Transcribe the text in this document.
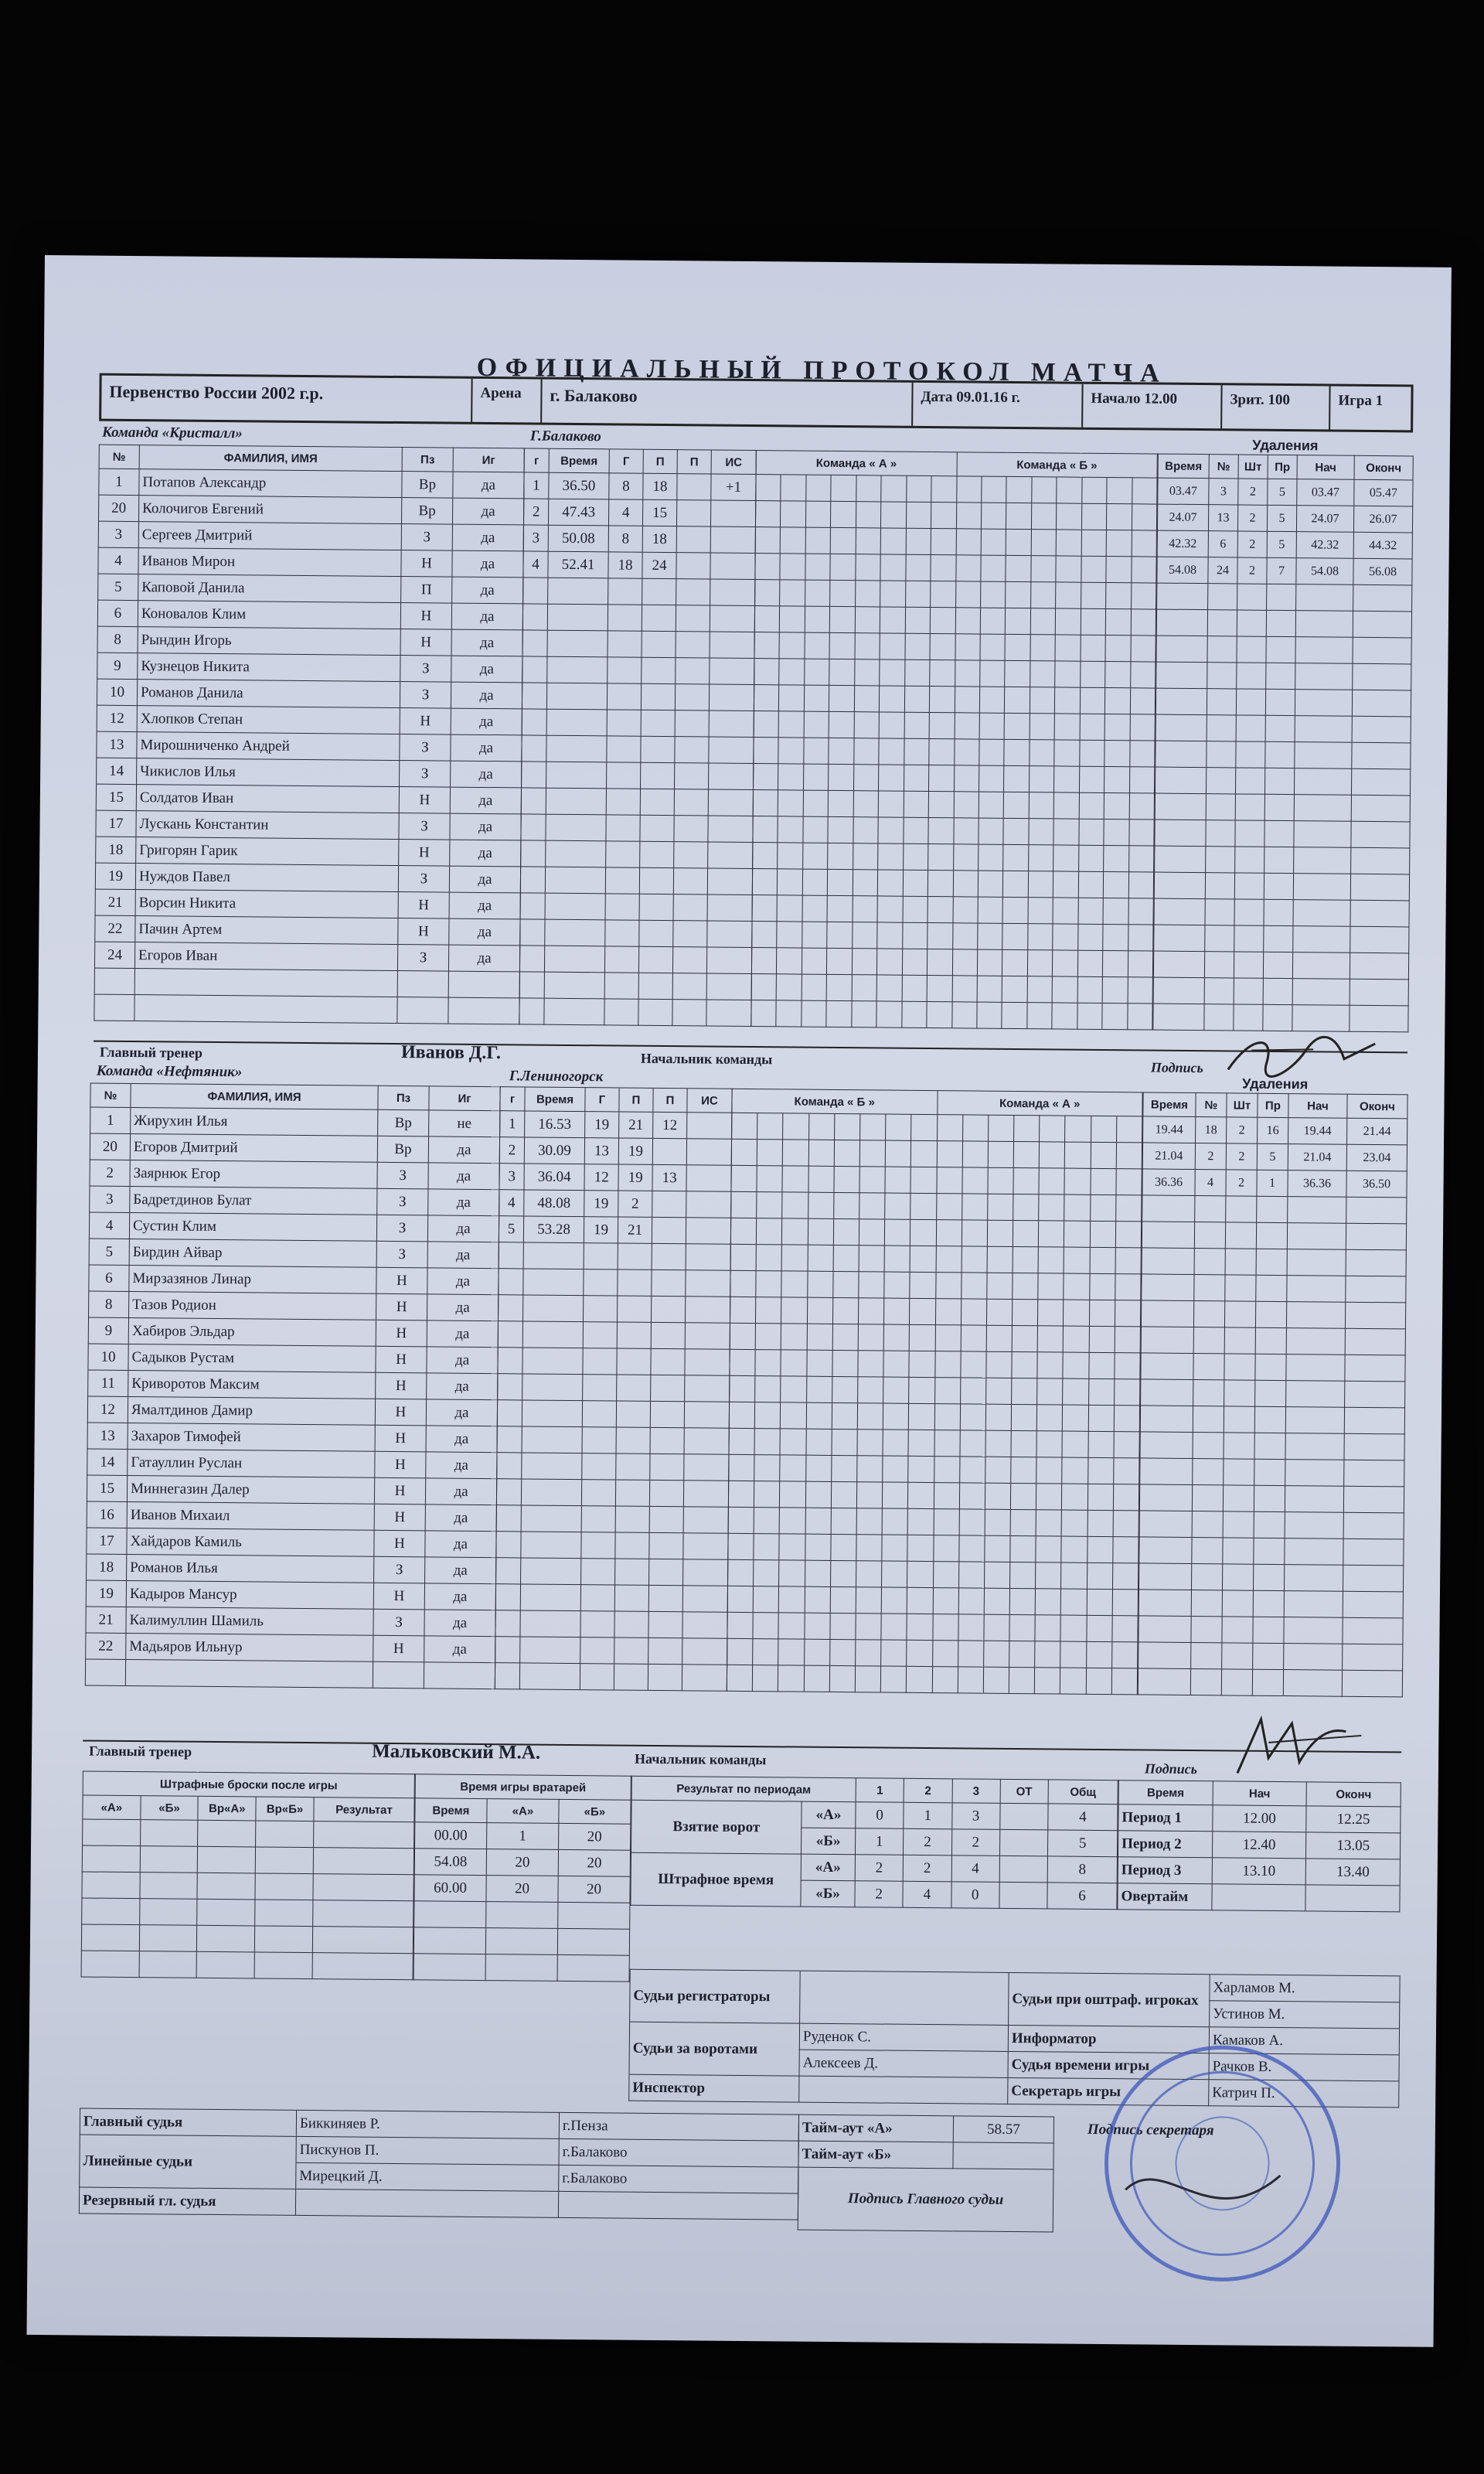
ОФИЦИАЛЬНЫЙ ПРОТОКОЛ МАТЧА
Первенство России 2002 г.р.	Арена	г. Балаково	Дата 09.01.16 г.	Начало 12.00	Зрит. 100	Игра 1
Команда «Кристалл»	Г.Балаково
№	ФАМИЛИЯ, ИМЯ	Пз	Иг
1	Потапов Александр	Вр	да
20	Колочигов Евгений	Вр	да
3	Сергеев Дмитрий	З	да
4	Иванов Мирон	Н	да
5	Каповой Данила	П	да
6	Коновалов Клим	Н	да
8	Рындин Игорь	Н	да
9	Кузнецов Никита	З	да
10	Романов Данила	З	да
12	Хлопков Степан	Н	да
13	Мирошниченко Андрей	З	да
14	Чикислов Илья	З	да
15	Солдатов Иван	Н	да
17	Лускань Константин	З	да
18	Григорян Гарик	Н	да
19	Нуждов Павел	З	да
21	Ворсин Никита	Н	да
22	Пачин Артем	Н	да
24	Егоров Иван	З	да

г	Время	Г	П	П	ИС
1	36.50	8	18		+1
2	47.43	4	15		
3	50.08	8	18		
4	52.41	18	24		

Команда « А »								Команда « Б »							

Удаления
Время	№	Шт	Пр	Нач	Оконч
03.47	3	2	5	03.47	05.47
24.07	13	2	5	24.07	26.07
42.32	6	2	5	42.32	44.32
54.08	24	2	7	54.08	56.08

Главный тренер	Иванов Д.Г.	Начальник команды
Подпись
Команда «Нефтяник»	Г.Лениногорск
№	ФАМИЛИЯ, ИМЯ	Пз	Иг
1	Жирухин Илья	Вр	не
20	Егоров Дмитрий	Вр	да
2	Заярнюк Егор	З	да
3	Бадретдинов Булат	З	да
4	Сустин Клим	З	да
5	Бирдин Айвар	З	да
6	Мирзазянов Линар	Н	да
8	Тазов Родион	Н	да
9	Хабиров Эльдар	Н	да
10	Садыков Рустам	Н	да
11	Криворотов Максим	Н	да
12	Ямалтдинов Дамир	Н	да
13	Захаров Тимофей	Н	да
14	Гатауллин Руслан	Н	да
15	Миннегазин Далер	Н	да
16	Иванов Михаил	Н	да
17	Хайдаров Камиль	Н	да
18	Романов Илья	З	да
19	Кадыров Мансур	Н	да
21	Калимуллин Шамиль	З	да
22	Мадьяров Ильнур	Н	да

г	Время	Г	П	П	ИС
1	16.53	19	21	12	
2	30.09	13	19		
3	36.04	12	19	13	
4	48.08	19	2		
5	53.28	19	21		

Команда « Б »								Команда « А »							

Удаления
Время	№	Шт	Пр	Нач	Оконч
19.44	18	2	16	19.44	21.44
21.04	2	2	5	21.04	23.04
36.36	4	2	1	36.36	36.50

Главный тренер	Мальковский М.А.	Начальник команды
Подпись
Штрафные броски после игры				
«А»	«Б»	Вр«А»	Вр«Б»	Результат

Время игры вратарей		
Время	«А»	«Б»
00.00	1	20
54.08	20	20
60.00	20	20

Результат по периодам		1	2	3	ОТ	Общ
Взятие ворот	«А»	0	1	3		4
	«Б»	1	2	2		5
Штрафное время	«А»	2	2	4		8
	«Б»	2	4	0		6
Время	Нач	Оконч
Период 1	12.00	12.25
Период 2	12.40	13.05
Период 3	13.10	13.40
Овертайм		
Судьи регистраторы		Судьи при оштраф. игроках	Харламов М.
			Устинов М.
Судьи за воротами	Руденок С.	Информатор	Камаков А.
	Алексеев Д.	Судья времени игры	Рачков В.
Инспектор		Секретарь игры	Катрич П.
Главный судья	Биккиняев Р.	г.Пенза
Линейные судьи	Пискунов П.	г.Балаково
	Мирецкий Д.	г.Балаково
Резервный гл. судья		
Тайм-аут «А»	58.57
Тайм-аут «Б»	
Подпись Главного судьи	
Подпись секретаря
